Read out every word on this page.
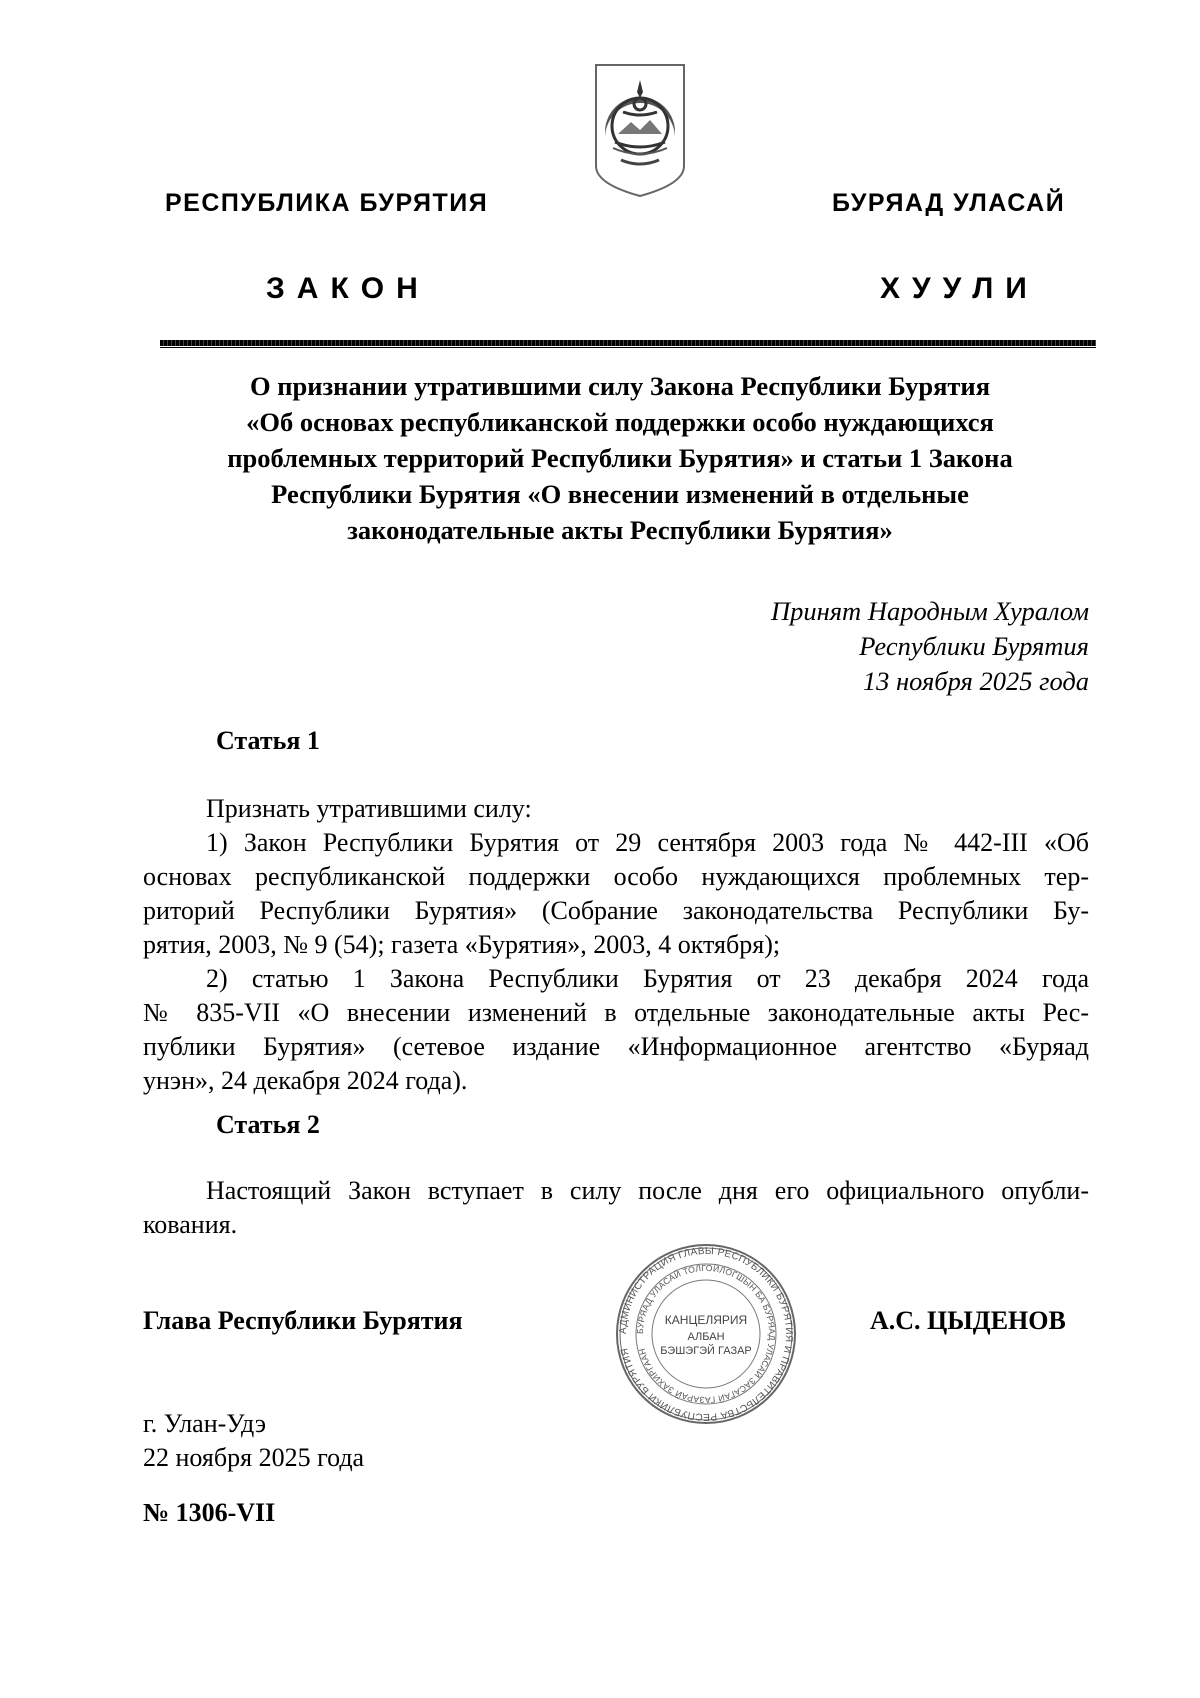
РЕСПУБЛИКА БУРЯТИЯ	БУРЯАД УЛАСАЙ
ЗАКОН	ХУУЛИ
О признании утратившими силу Закона Республики Бурятия
«Об основах республиканской поддержки особо нуждающихся
проблемных территорий Республики Бурятия» и статьи 1 Закона
Республики Бурятия «О внесении изменений в отдельные
законодательные акты Республики Бурятия»
Принят Народным Хуралом
Республики Бурятия
13 ноября 2025 года
Статья 1

Признать утратившими силу:

1) Закон Республики Бурятия от 29 сентября 2003 года № 442-III «Об

основах республиканской поддержки особо нуждающихся проблемных тер-

риторий Республики Бурятия» (Собрание законодательства Республики Бу-

рятия, 2003, № 9 (54); газета «Бурятия», 2003, 4 октября);

2) статью 1 Закона Республики Бурятия от 23 декабря 2024 года

№ 835-VII «О внесении изменений в отдельные законодательные акты Рес-

публики Бурятия» (сетевое издание «Информационное агентство «Буряад

унэн», 24 декабря 2024 года).

Статья 2

Настоящий Закон вступает в силу после дня его официального опубли-

кования.

Глава Республики Бурятия	А.С. ЦЫДЕНОВ
АДМИНИСТРАЦИЯ ГЛАВЫ РЕСПУБЛИКИ БУРЯТИЯ И ПРАВИТЕЛЬСТВА РЕСПУБЛИКИ БУРЯТИЯ
БУРЯАД УЛАСАЙ ТОЛГОЙЛОГШЫН БА БУРЯАД УЛАСАЙ ЗАСАГАЙ ГАЗАРАЙ ЗАХИРГААН
КАНЦЕЛЯРИЯ
АЛБАН
БЭШЭГЭЙ ГАЗАР
г. Улан-Удэ
22 ноября 2025 года
№ 1306-VII
